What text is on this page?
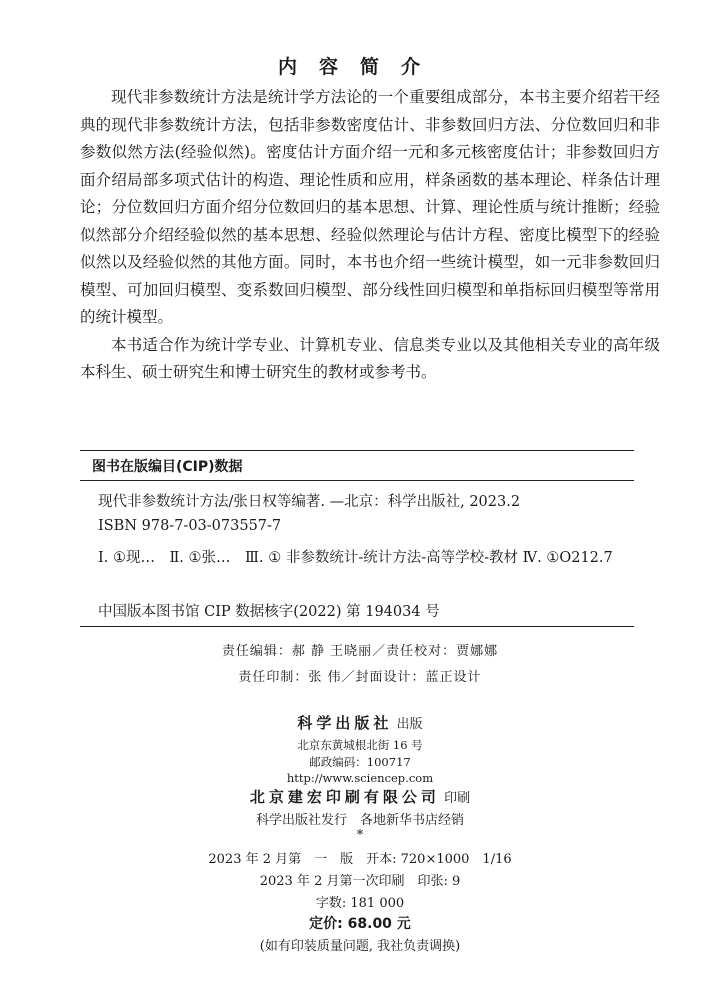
内容简介

现代非参数统计方法是统计学方法论的一个重要组成部分，本书主要介绍若干经典的现代非参数统计方法，包括非参数密度估计、非参数回归方法、分位数回归和非参数似然方法(经验似然)。密度估计方面介绍一元和多元核密度估计；非参数回归方面介绍局部多项式估计的构造、理论性质和应用，样条函数的基本理论、样条估计理论；分位数回归方面介绍分位数回归的基本思想、计算、理论性质与统计推断；经验似然部分介绍经验似然的基本思想、经验似然理论与估计方程、密度比模型下的经验似然以及经验似然的其他方面。同时，本书也介绍一些统计模型，如一元非参数回归模型、可加回归模型、变系数回归模型、部分线性回归模型和单指标回归模型等常用的统计模型。

本书适合作为统计学专业、计算机专业、信息类专业以及其他相关专业的高年级本科生、硕士研究生和博士研究生的教材或参考书。

图书在版编目(CIP)数据
现代非参数统计方法/张日权等编著. —北京：科学出版社, 2023.2
ISBN 978-7-03-073557-7
Ⅰ. ①现…　Ⅱ. ①张…　Ⅲ. ① 非参数统计-统计方法-高等学校-教材 Ⅳ. ①O212.7
中国版本图书馆 CIP 数据核字(2022) 第 194034 号
责任编辑：郝 静 王晓丽／责任校对：贾娜娜
责任印制：张 伟／封面设计：蓝正设计
科学出版社 出版
北京东黄城根北街 16 号
邮政编码：100717
http://www.sciencep.com
北京建宏印刷有限公司 印刷
科学出版社发行　各地新华书店经销
*
2023 年 2 月第　一　版　开本: 720×1000　1/16
2023 年 2 月第一次印刷　印张: 9
字数: 181 000
定价: 68.00 元
(如有印装质量问题, 我社负责调换)
